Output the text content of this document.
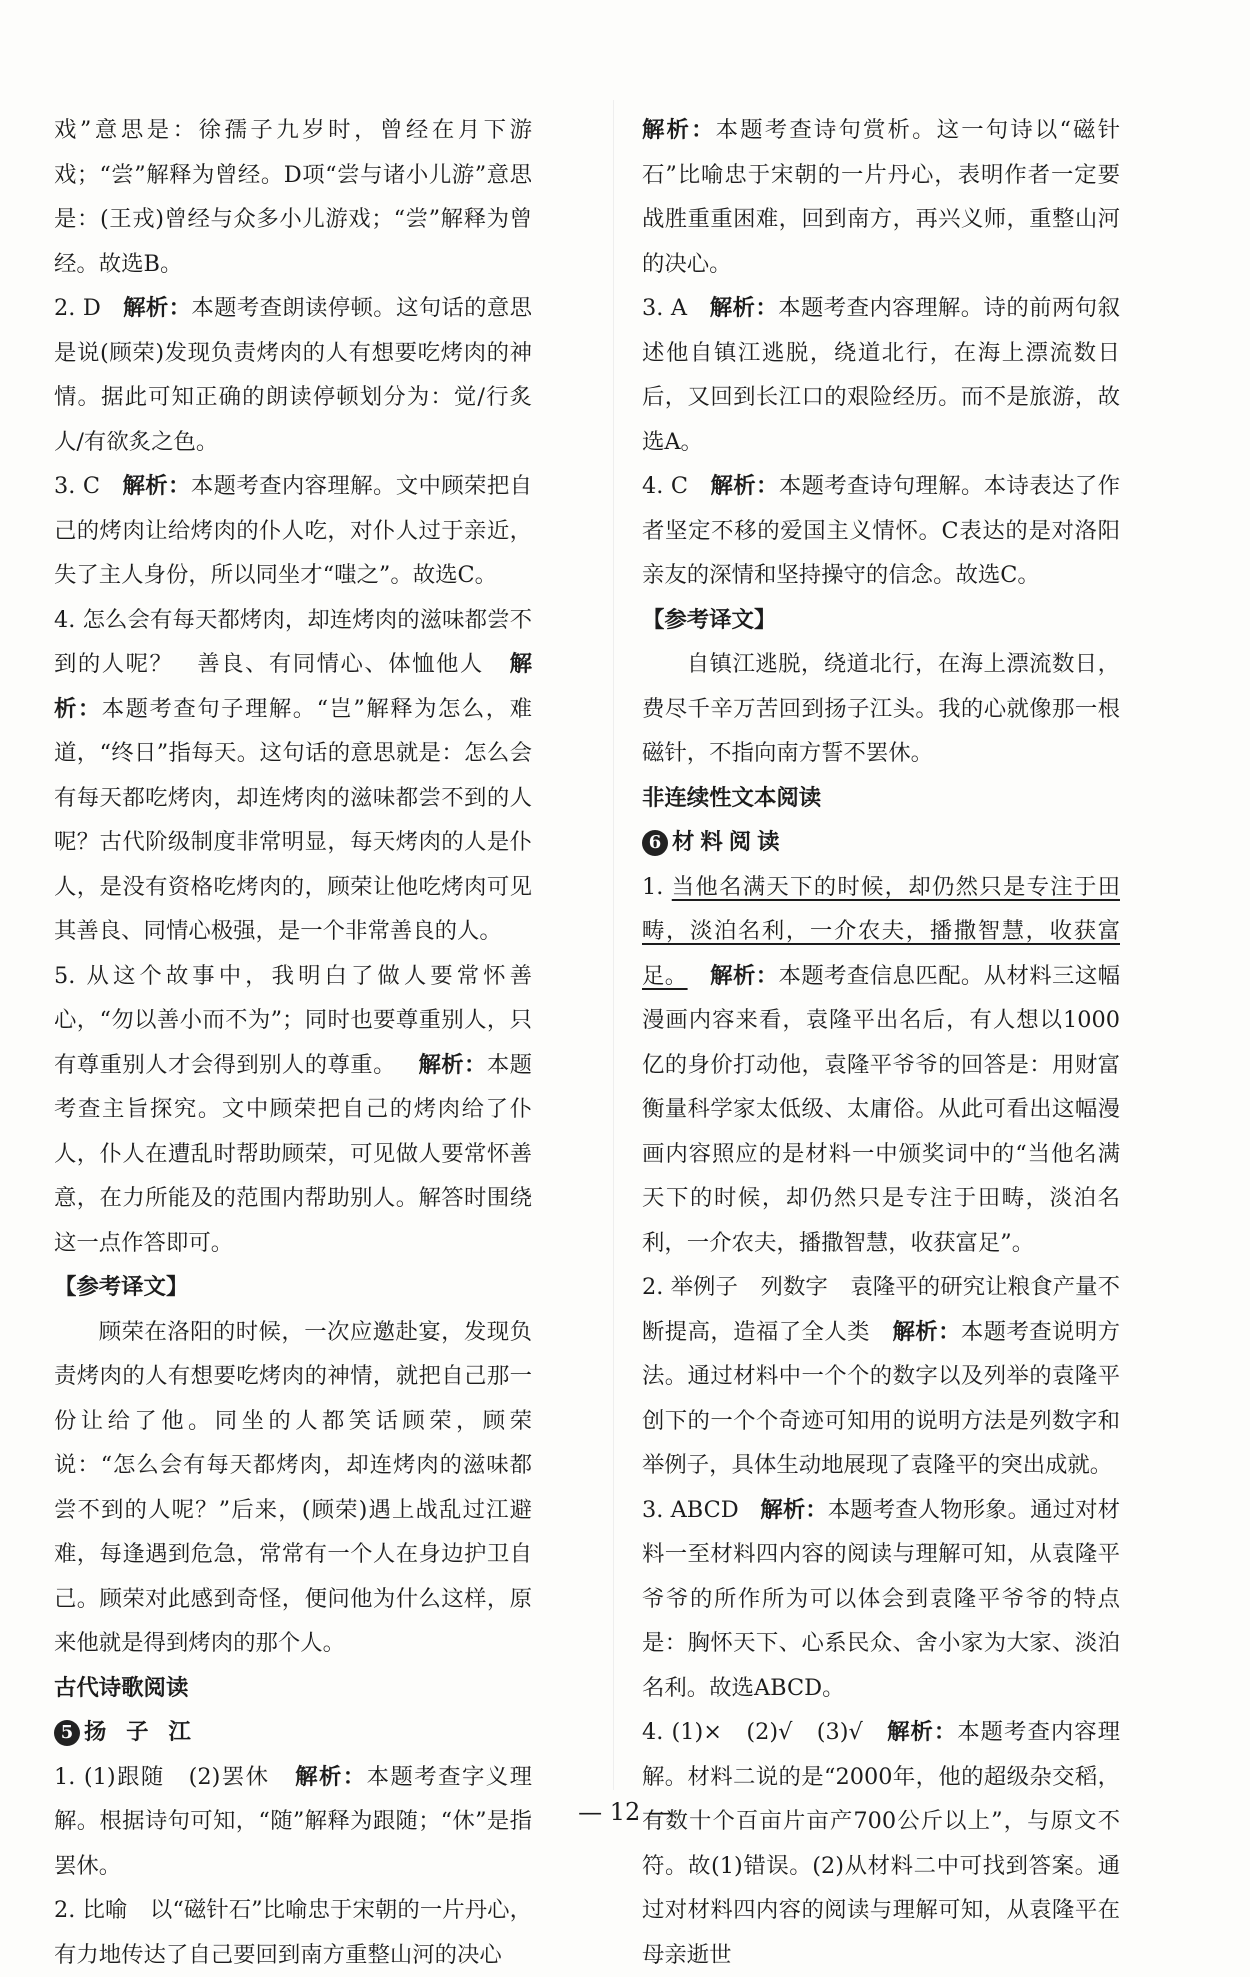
戏”意思是：徐孺子九岁时，曾经在月下游戏；“尝”解释为曾经。D项“尝与诸小儿游”意思是：(王戎)曾经与众多小儿游戏；“尝”解释为曾经。故选B。

2. D 解析：本题考查朗读停顿。这句话的意思是说(顾荣)发现负责烤肉的人有想要吃烤肉的神情。据此可知正确的朗读停顿划分为：觉/行炙人/有欲炙之色。

3. C 解析：本题考查内容理解。文中顾荣把自己的烤肉让给烤肉的仆人吃，对仆人过于亲近，失了主人身份，所以同坐才“嗤之”。故选C。

4. 怎么会有每天都烤肉，却连烤肉的滋味都尝不到的人呢？　善良、有同情心、体恤他人 解析：本题考查句子理解。“岂”解释为怎么，难道，“终日”指每天。这句话的意思就是：怎么会有每天都吃烤肉，却连烤肉的滋味都尝不到的人呢？古代阶级制度非常明显，每天烤肉的人是仆人，是没有资格吃烤肉的，顾荣让他吃烤肉可见其善良、同情心极强，是一个非常善良的人。

5. 从这个故事中，我明白了做人要常怀善心，“勿以善小而不为”；同时也要尊重别人，只有尊重别人才会得到别人的尊重。 解析：本题考查主旨探究。文中顾荣把自己的烤肉给了仆人，仆人在遭乱时帮助顾荣，可见做人要常怀善意，在力所能及的范围内帮助别人。解答时围绕这一点作答即可。

【参考译文】

顾荣在洛阳的时候，一次应邀赴宴，发现负责烤肉的人有想要吃烤肉的神情，就把自己那一份让给了他。同坐的人都笑话顾荣，顾荣说：“怎么会有每天都烤肉，却连烤肉的滋味都尝不到的人呢？”后来，(顾荣)遇上战乱过江避难，每逢遇到危急，常常有一个人在身边护卫自己。顾荣对此感到奇怪，便问他为什么这样，原来他就是得到烤肉的那个人。

古代诗歌阅读

5 扬 子 江

1. (1)跟随　(2)罢休 解析：本题考查字义理解。根据诗句可知，“随”解释为跟随；“休”是指罢休。

2. 比喻　以“磁针石”比喻忠于宋朝的一片丹心，有力地传达了自己要回到南方重整山河的决心

解析：本题考查诗句赏析。这一句诗以“磁针石”比喻忠于宋朝的一片丹心，表明作者一定要战胜重重困难，回到南方，再兴义师，重整山河的决心。

3. A 解析：本题考查内容理解。诗的前两句叙述他自镇江逃脱，绕道北行，在海上漂流数日后，又回到长江口的艰险经历。而不是旅游，故选A。

4. C 解析：本题考查诗句理解。本诗表达了作者坚定不移的爱国主义情怀。C表达的是对洛阳亲友的深情和坚持操守的信念。故选C。

【参考译文】

自镇江逃脱，绕道北行，在海上漂流数日，费尽千辛万苦回到扬子江头。我的心就像那一根磁针，不指向南方誓不罢休。

非连续性文本阅读

6 材料阅读

1. 当他名满天下的时候，却仍然只是专注于田畴，淡泊名利，一介农夫，播撒智慧，收获富足。 解析：本题考查信息匹配。从材料三这幅漫画内容来看，袁隆平出名后，有人想以1000亿的身价打动他，袁隆平爷爷的回答是：用财富衡量科学家太低级、太庸俗。从此可看出这幅漫画内容照应的是材料一中颁奖词中的“当他名满天下的时候，却仍然只是专注于田畴，淡泊名利，一介农夫，播撒智慧，收获富足”。

2. 举例子　列数字　袁隆平的研究让粮食产量不断提高，造福了全人类 解析：本题考查说明方法。通过材料中一个个的数字以及列举的袁隆平创下的一个个奇迹可知用的说明方法是列数字和举例子，具体生动地展现了袁隆平的突出成就。

3. ABCD 解析：本题考查人物形象。通过对材料一至材料四内容的阅读与理解可知，从袁隆平爷爷的所作所为可以体会到袁隆平爷爷的特点是：胸怀天下、心系民众、舍小家为大家、淡泊名利。故选ABCD。

4. (1)×　(2)√　(3)√ 解析：本题考查内容理解。材料二说的是“2000年，他的超级杂交稻，有数十个百亩片亩产700公斤以上”，与原文不符。故(1)错误。(2)从材料二中可找到答案。通过对材料四内容的阅读与理解可知，从袁隆平在母亲逝世

— 12 —
